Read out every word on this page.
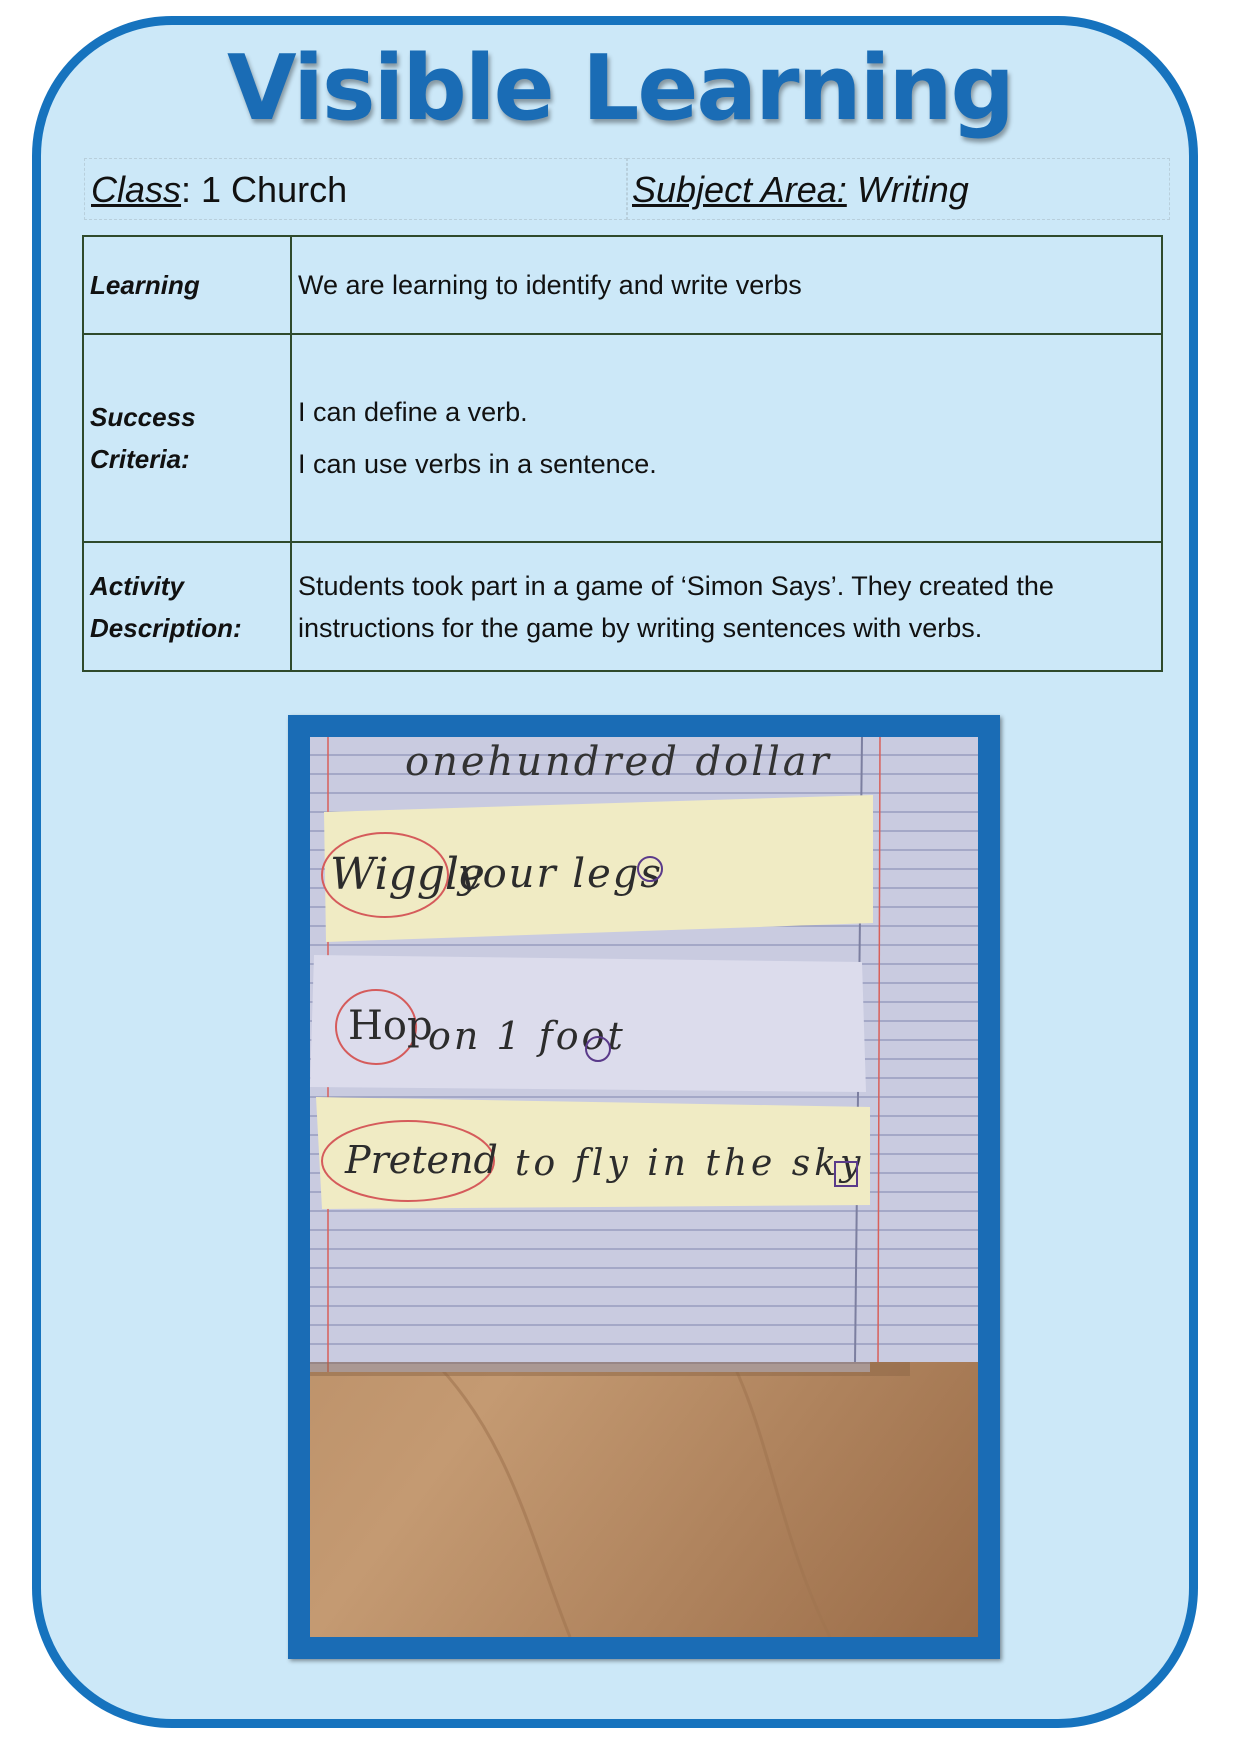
Visible Learning
Class: 1 Church	Subject Area: Writing
Learning	We are learning to identify and write verbs

Success
Criteria:	I can define a verb.
I can use verbs in a sentence.

Activity
Description:	Students took part in a game of ‘Simon Says’. They created the
instructions for the game by writing sentences with verbs.
onehundred dollar
Wiggle
your legs
Hop
on 1 foot
Pretend to fly in the sky
